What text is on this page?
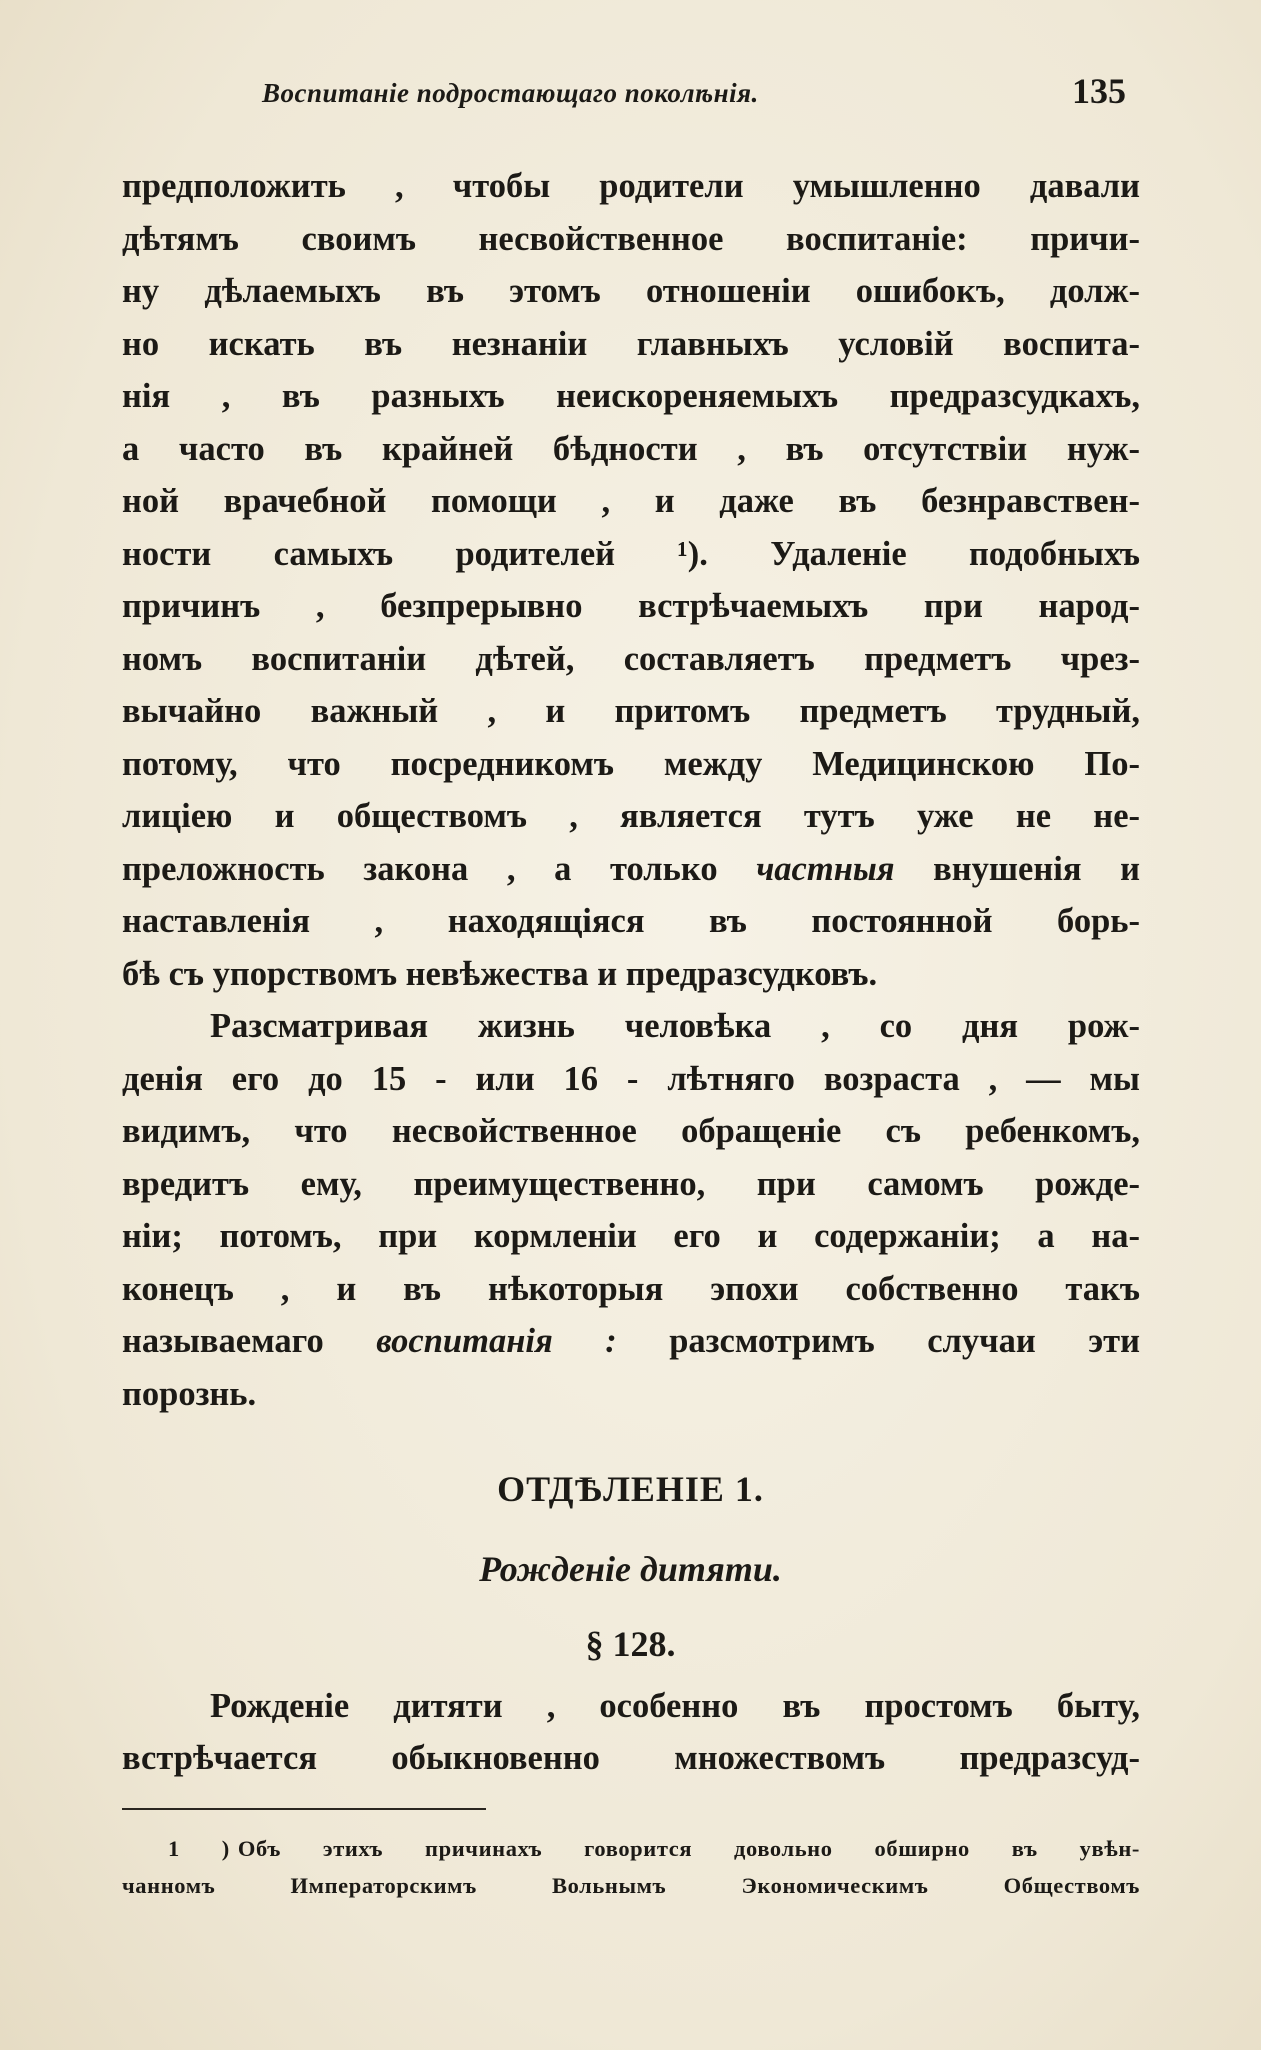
Воспитаніе подростающаго поколѣнія.	135
предположить , чтобы родители умышленно давали
дѣтямъ своимъ несвойственное воспитаніе: причи-
ну дѣлаемыхъ въ этомъ отношеніи ошибокъ, долж-
но искать въ незнаніи главныхъ условій воспита-
нія , въ разныхъ неискореняемыхъ предразсудкахъ,
а часто въ крайней бѣдности , въ отсутствіи нуж-
ной врачебной помощи , и даже въ безнравствен-
ности самыхъ родителей ¹). Удаленіе подобныхъ
причинъ , безпрерывно встрѣчаемыхъ при народ-
номъ воспитаніи дѣтей, составляетъ предметъ чрез-
вычайно важный , и притомъ предметъ трудный,
потому, что посредникомъ между Медицинскою По-
лиціею и обществомъ , является тутъ уже не не-
преложность закона , а только частныя внушенія и
наставленія , находящіяся въ постоянной борь-
бѣ съ упорствомъ невѣжества и предразсудковъ.
Разсматривая жизнь человѣка , со дня рож-
денія его до 15 - или 16 - лѣтняго возраста , — мы
видимъ, что несвойственное обращеніе съ ребенкомъ,
вредитъ ему, преимущественно, при самомъ рожде-
ніи; потомъ, при кормленіи его и содержаніи; а на-
конецъ , и въ нѣкоторыя эпохи собственно такъ
называемаго воспитанія : разсмотримъ случаи эти
порознь.
ОТДѢЛЕНІЕ 1.
Рожденіе дитяти.
§ 128.
Рожденіе дитяти , особенно въ простомъ быту,
встрѣчается обыкновенно множествомъ предразсуд-
1 ) Объ этихъ причинахъ говорится довольно обширно въ увѣн-
чанномъ Императорскимъ Вольнымъ Экономическимъ Обществомъ
